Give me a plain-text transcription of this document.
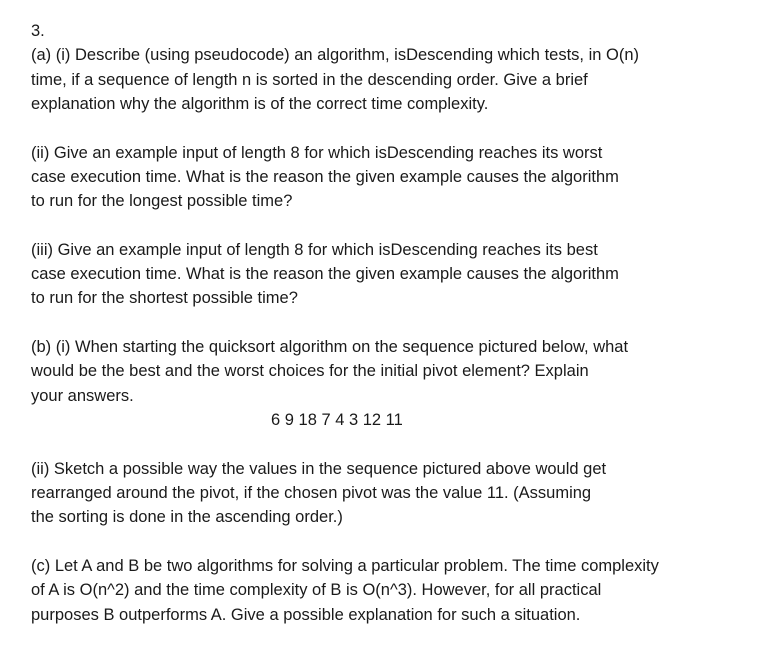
3.
(a) (i) Describe (using pseudocode) an algorithm, isDescending which tests, in O(n)
time, if a sequence of length n is sorted in the descending order. Give a brief
explanation why the algorithm is of the correct time complexity.
(ii) Give an example input of length 8 for which isDescending reaches its worst
case execution time. What is the reason the given example causes the algorithm
to run for the longest possible time?
(iii) Give an example input of length 8 for which isDescending reaches its best
case execution time. What is the reason the given example causes the algorithm
to run for the shortest possible time?
(b) (i) When starting the quicksort algorithm on the sequence pictured below, what
would be the best and the worst choices for the initial pivot element? Explain
your answers.
6 9 18 7 4 3 12 11
(ii) Sketch a possible way the values in the sequence pictured above would get
rearranged around the pivot, if the chosen pivot was the value 11. (Assuming
the sorting is done in the ascending order.)
(c) Let A and B be two algorithms for solving a particular problem. The time complexity
of A is O(n^2) and the time complexity of B is O(n^3). However, for all practical
purposes B outperforms A. Give a possible explanation for such a situation.
